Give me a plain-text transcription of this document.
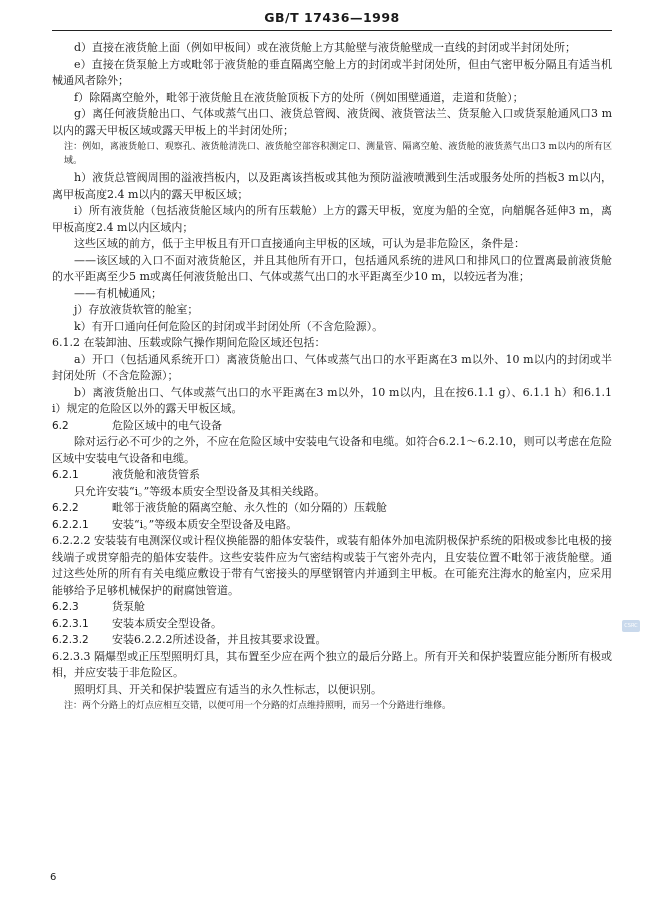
GB/T 17436—1998

d）直接在液货舱上面（例如甲板间）或在液货舱上方其舱壁与液货舱壁成一直线的封闭或半封闭处所；

e）直接在货泵舱上方或毗邻于液货舱的垂直隔离空舱上方的封闭或半封闭处所，但由气密甲板分隔且有适当机械通风者除外；

f）除隔离空舱外，毗邻于液货舱且在液货舱顶板下方的处所（例如围壁通道，走道和货舱）；

g）离任何液货舱出口、气体或蒸气出口、液货总管阀、液货阀、液货管法兰、货泵舱入口或货泵舱通风口3 m以内的露天甲板区域或露天甲板上的半封闭处所；

注：例如，离液货舱口、观察孔、液货舱清洗口、液货舱空部容积测定口、测量管、隔离空舱、液货舱的液货蒸气出口3 m以内的所有区域。

h）液货总管阀周围的溢液挡板内，以及距离该挡板或其他为预防溢液喷溅到生活或服务处所的挡板3 m以内，离甲板高度2.4 m以内的露天甲板区域；

i）所有液货舱（包括液货舱区域内的所有压载舱）上方的露天甲板，宽度为船的全宽，向艏艉各延伸3 m，离甲板高度2.4 m以内区域内；

这些区域的前方，低于主甲板且有开口直接通向主甲板的区域，可认为是非危险区，条件是：

——该区域的入口不面对液货舱区，并且其他所有开口，包括通风系统的进风口和排风口的位置离最前液货舱的水平距离至少5 m或离任何液货舱出口、气体或蒸气出口的水平距离至少10 m，以较远者为准；

——有机械通风；

j）存放液货软管的舱室；

k）有开口通向任何危险区的封闭或半封闭处所（不含危险源）。

6.1.2 在装卸油、压载或除气操作期间危险区域还包括：

a）开口（包括通风系统开口）离液货舱出口、气体或蒸气出口的水平距离在3 m以外、10 m以内的封闭或半封闭处所（不含危险源）；

b）离液货舱出口、气体或蒸气出口的水平距离在3 m以外，10 m以内，且在按6.1.1 g）、6.1.1 h）和6.1.1 i）规定的危险区以外的露天甲板区域。

6.2	危险区域中的电气设备

除对运行必不可少的之外，不应在危险区域中安装电气设备和电缆。如符合6.2.1～6.2.10，则可以考虑在危险区域中安装电气设备和电缆。

6.2.1	液货舱和液货管系

只允许安装“i。”等级本质安全型设备及其相关线路。

6.2.2	毗邻于液货舱的隔离空舱、永久性的（如分隔的）压载舱
6.2.2.1	安装“i。”等级本质安全型设备及电路。

6.2.2.2 安装装有电测深仪或计程仪换能器的船体安装件，或装有船体外加电流阴极保护系统的阳极或参比电极的接线端子或贯穿船壳的船体安装件。这些安装件应为气密结构或装于气密外壳内，且安装位置不毗邻于液货舱壁。通过这些处所的所有有关电缆应敷设于带有气密接头的厚壁钢管内并通到主甲板。在可能充注海水的舱室内，应采用能够给予足够机械保护的耐腐蚀管道。

6.2.3	货泵舱
6.2.3.1	安装本质安全型设备。
6.2.3.2	安装6.2.2.2所述设备，并且按其要求设置。

6.2.3.3 隔爆型或正压型照明灯具，其布置至少应在两个独立的最后分路上。所有开关和保护装置应能分断所有极或相，并应安装于非危险区。

照明灯具、开关和保护装置应有适当的永久性标志，以便识别。

注：两个分路上的灯点应相互交错，以便可用一个分路的灯点维持照明，而另一个分路进行维修。

CSRC
6
